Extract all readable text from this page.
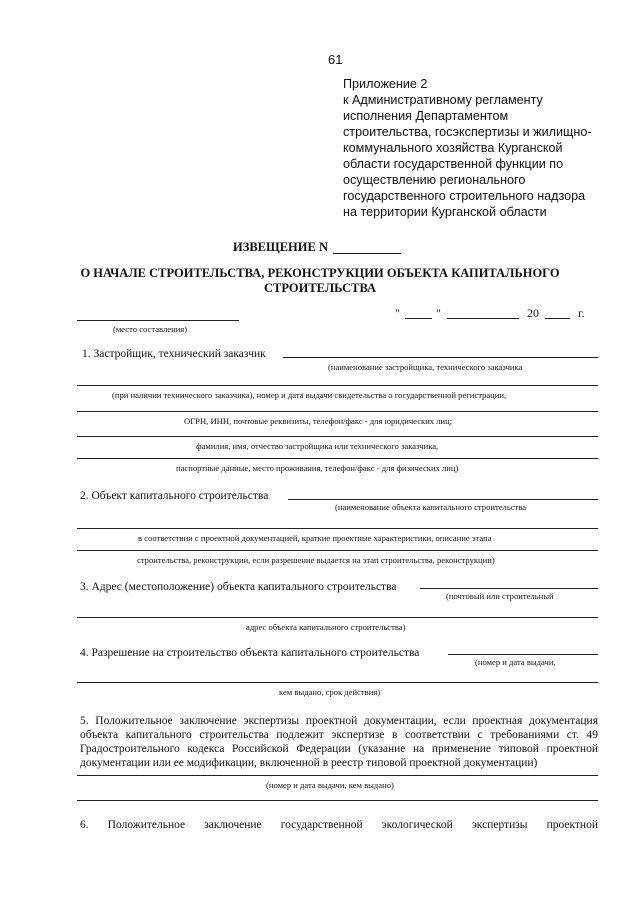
61
Приложение 2
к Административному регламенту
исполнения Департаментом
строительства, госэкспертизы и жилищно-
коммунального хозяйства Курганской
области государственной функции по
осуществлению регионального
государственного строительного надзора
на территории Курганской области
ИЗВЕЩЕНИЕ N
О НАЧАЛЕ СТРОИТЕЛЬСТВА, РЕКОНСТРУКЦИИ ОБЪЕКТА КАПИТАЛЬНОГО
СТРОИТЕЛЬСТВА
"	"	20	г.
(место составления)
1. Застройщик, технический заказчик
(наименование застройщика, технического заказчика
(при наличии технического заказчика), номер и дата выдачи свидетельства о государственной регистрации,
ОГРН, ИНН, почтовые реквизиты, телефон/факс - для юридических лиц;
фамилия, имя, отчество застройщика или технического заказчика,
паспортные данные, место проживания, телефон/факс - для физических лиц)
2. Объект капитального строительства
(наименование объекта капитального строительства
в соответствии с проектной документацией, краткие проектные характеристики, описание этапа
строительства, реконструкции, если разрешение выдается на этап строительства, реконструкции)
3. Адрес (местоположение) объекта капитального строительства
(почтовый или строительный
адрес объекта капитального строительства)
4. Разрешение на строительство объекта капитального строительства
(номер и дата выдачи,
кем выдано, срок действия)
5. Положительное заключение экспертизы проектной документации, если проектная документация
объекта капитального строительства подлежит экспертизе в соответствии с требованиями ст. 49
Градостроительного кодекса Российской Федерации (указание на применение типовой проектной
документации или ее модификации, включенной в реестр типовой проектной документации)
(номер и дата выдачи, кем выдано)
6. Положительное заключение государственной экологической экспертизы проектной
